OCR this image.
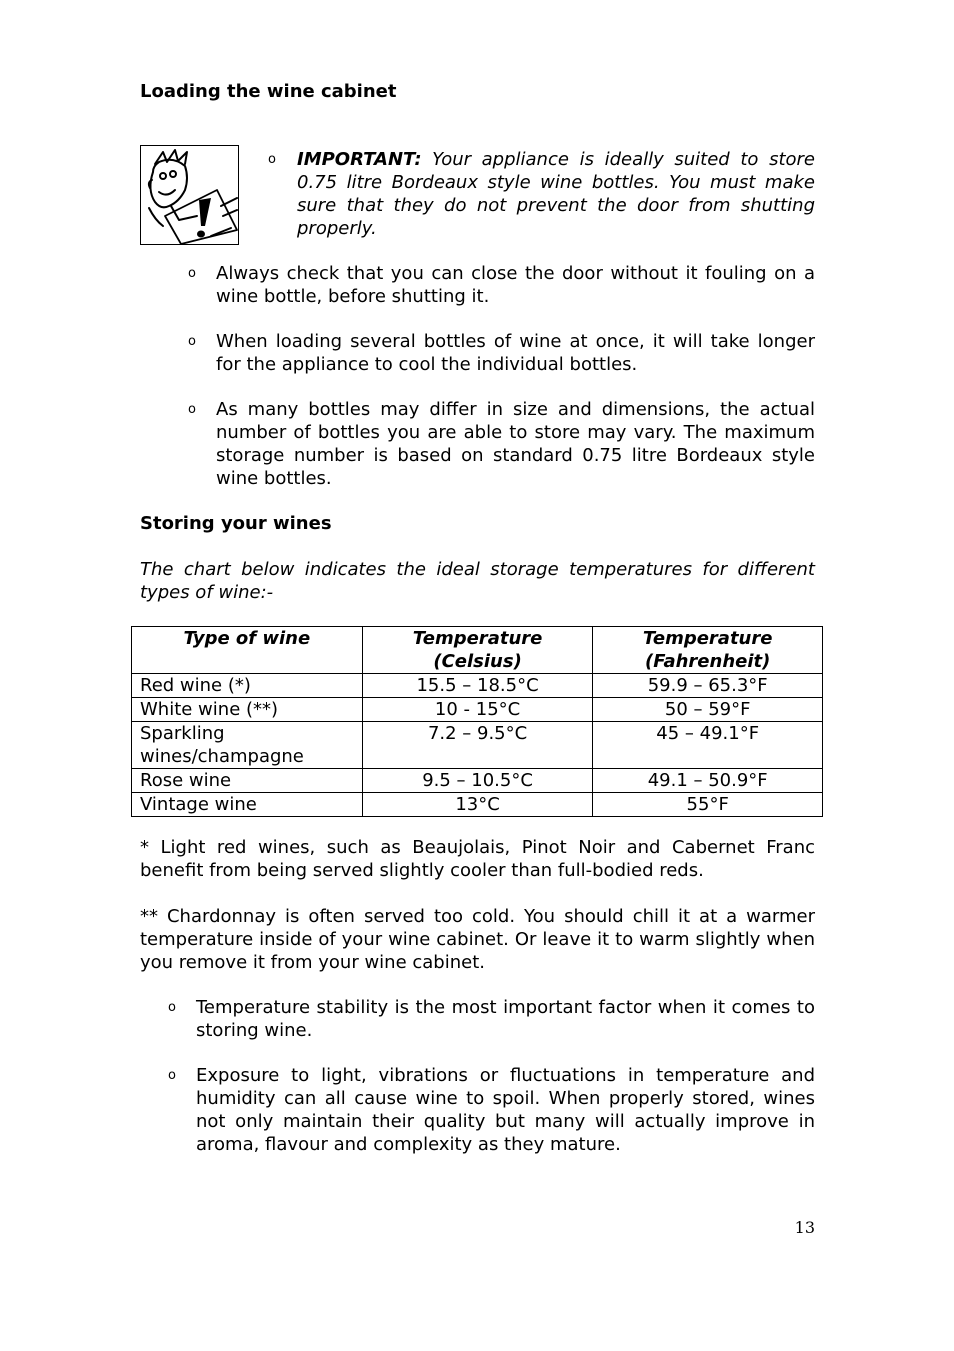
Loading the wine cabinet
o IMPORTANT: Your appliance is ideally suited to store 0.75 litre Bordeaux style wine bottles. You must make sure that they do not prevent the door from shutting properly.
o Always check that you can close the door without it fouling on a wine bottle, before shutting it.
o When loading several bottles of wine at once, it will take longer for the appliance to cool the individual bottles.
o As many bottles may differ in size and dimensions, the actual number of bottles you are able to store may vary. The maximum storage number is based on standard 0.75 litre Bordeaux style wine bottles.
Storing your wines
The chart below indicates the ideal storage temperatures for different types of wine:-
Type of wine	Temperature (Celsius)	Temperature (Fahrenheit)
Red wine (*)	15.5 – 18.5°C	59.9 – 65.3°F
White wine (**)	10 - 15°C	50 – 59°F
Sparkling wines/champagne	7.2 – 9.5°C	45 – 49.1°F
Rose wine	9.5 – 10.5°C	49.1 – 50.9°F
Vintage wine	13°C	55°F
* Light red wines, such as Beaujolais, Pinot Noir and Cabernet Franc benefit from being served slightly cooler than full-bodied reds.
** Chardonnay is often served too cold. You should chill it at a warmer temperature inside of your wine cabinet. Or leave it to warm slightly when you remove it from your wine cabinet.
o Temperature stability is the most important factor when it comes to storing wine.
o Exposure to light, vibrations or fluctuations in temperature and humidity can all cause wine to spoil. When properly stored, wines not only maintain their quality but many will actually improve in aroma, flavour and complexity as they mature.
13
